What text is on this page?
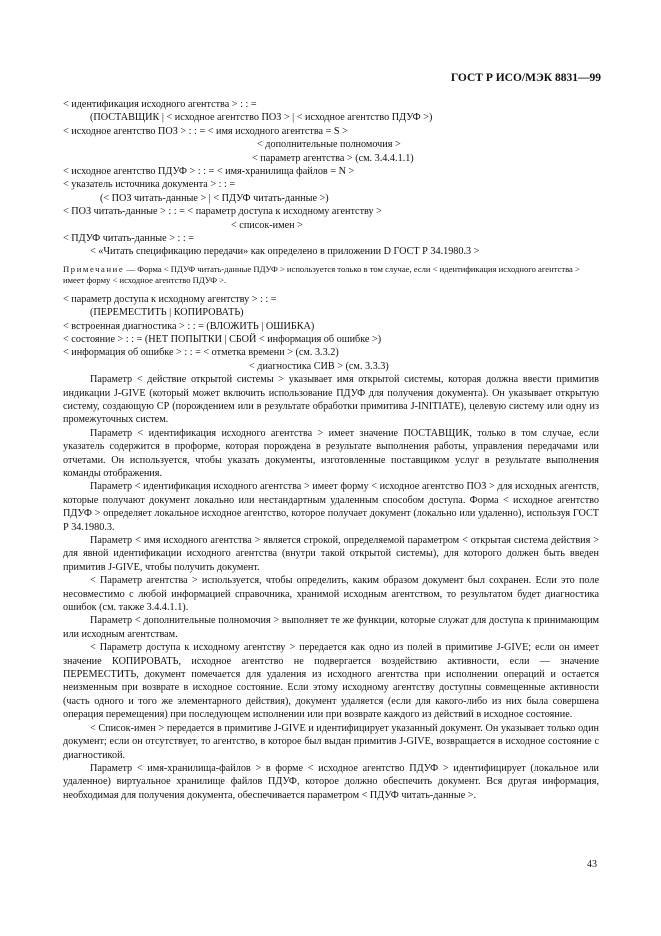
ГОСТ Р ИСО/МЭК 8831—99
< идентификация исходного агентства > : : =
(ПОСТАВЩИК | < исходное агентство ПОЗ > | < исходное агентство ПДУФ >)
< исходное агентство ПОЗ > : : = < имя исходного агентства = S >
< дополнительные полномочия >
< параметр агентства > (см. 3.4.4.1.1)
< исходное агентство ПДУФ > : : = < имя-хранилища файлов = N >
< указатель источника документа > : : =
(< ПОЗ читать-данные > | < ПДУФ читать-данные >)
< ПОЗ читать-данные > : : = < параметр доступа к исходному агентству >
< список-имен >
< ПДУФ читать-данные > : : =
< «Читать спецификацию передачи» как определено в приложении D ГОСТ Р 34.1980.3 >
Примечание — Форма < ПДУФ читать-данные ПДУФ > используется только в том случае, если < идентификация исходного агентства > имеет форму < исходное агентство ПДУФ >.
< параметр доступа к исходному агентству > : : =
(ПЕРЕМЕСТИТЬ | КОПИРОВАТЬ)
< встроенная диагностика > : : = (ВЛОЖИТЬ | ОШИБКА)
< состояние > : : = (НЕТ ПОПЫТКИ | СБОЙ < информация об ошибке >)
< информация об ошибке > : : = < отметка времени > (см. 3.3.2)
< диагностика СИВ > (см. 3.3.3)

Параметр < действие открытой системы > указывает имя открытой системы, которая должна ввести примитив индикации J-GIVE (который может включить использование ПДУФ для получения документа). Он указывает открытую систему, создающую СР (порождением или в результате обработки примитива J-INITIATE), целевую систему или одну из промежуточных систем.

Параметр < идентификация исходного агентства > имеет значение ПОСТАВЩИК, только в том случае, если указатель содержится в проформе, которая порождена в результате выполнения работы, управления передачами или отчетами. Он используется, чтобы указать документы, изготовленные поставщиком услуг в результате выполнения команды отображения.

Параметр < идентификация исходного агентства > имеет форму < исходное агентство ПОЗ > для исходных агентств, которые получают документ локально или нестандартным удаленным способом доступа. Форма < исходное агентство ПДУФ > определяет локальное исходное агентство, которое получает документ (локально или удаленно), используя ГОСТ Р 34.1980.3.

Параметр < имя исходного агентства > является строкой, определяемой параметром < открытая система действия > для явной идентификации исходного агентства (внутри такой открытой системы), для которого должен быть введен примитив J-GIVE, чтобы получить документ.

< Параметр агентства > используется, чтобы определить, каким образом документ был сохранен. Если это поле несовместимо с любой информацией справочника, хранимой исходным агентством, то результатом будет диагностика ошибок (см. также 3.4.4.1.1).

Параметр < дополнительные полномочия > выполняет те же функции, которые служат для доступа к принимающим или исходным агентствам.

< Параметр доступа к исходному агентству > передается как одно из полей в примитиве J-GIVE; если он имеет значение КОПИРОВАТЬ, исходное агентство не подвергается воздействию активности, если — значение ПЕРЕМЕСТИТЬ, документ помечается для удаления из исходного агентства при исполнении операций и остается неизменным при возврате в исходное состояние. Если этому исходному агентству доступны совмещенные активности (часть одного и того же элементарного действия), документ удаляется (если для какого-либо из них была совершена операция перемещения) при последующем исполнении или при возврате каждого из действий в исходное состояние.

< Список-имен > передается в примитиве J-GIVE и идентифицирует указанный документ. Он указывает только один документ; если он отсутствует, то агентство, в которое был выдан примитив J-GIVE, возвращается в исходное состояние с диагностикой.

Параметр < имя-хранилища-файлов > в форме < исходное агентство ПДУФ > идентифицирует (локальное или удаленное) виртуальное хранилище файлов ПДУФ, которое должно обеспечить документ. Вся другая информация, необходимая для получения документа, обеспечивается параметром < ПДУФ читать-данные >.

43
